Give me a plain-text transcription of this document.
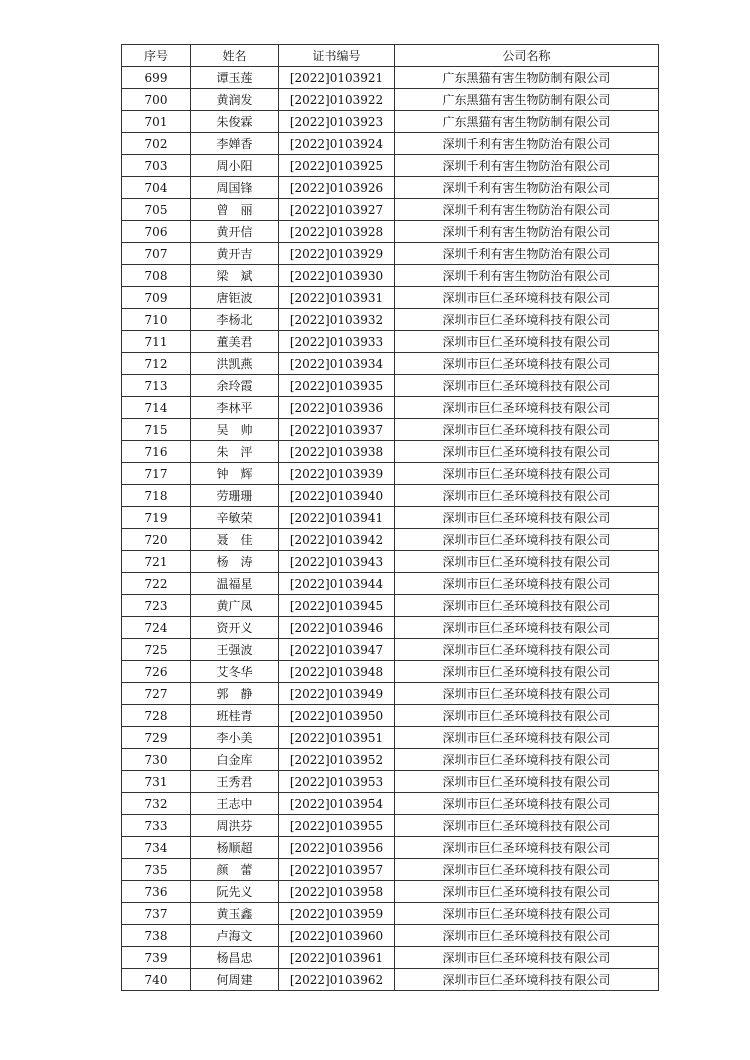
序号	姓名	证书编号	公司名称
699	谭玉莲	[2022]0103921	广东黑猫有害生物防制有限公司
700	黄润发	[2022]0103922	广东黑猫有害生物防制有限公司
701	朱俊霖	[2022]0103923	广东黑猫有害生物防制有限公司
702	李婵香	[2022]0103924	深圳千利有害生物防治有限公司
703	周小阳	[2022]0103925	深圳千利有害生物防治有限公司
704	周国锋	[2022]0103926	深圳千利有害生物防治有限公司
705	曾　丽	[2022]0103927	深圳千利有害生物防治有限公司
706	黄开信	[2022]0103928	深圳千利有害生物防治有限公司
707	黄开吉	[2022]0103929	深圳千利有害生物防治有限公司
708	梁　斌	[2022]0103930	深圳千利有害生物防治有限公司
709	唐钜波	[2022]0103931	深圳市巨仁圣环境科技有限公司
710	李杨北	[2022]0103932	深圳市巨仁圣环境科技有限公司
711	董美君	[2022]0103933	深圳市巨仁圣环境科技有限公司
712	洪凯燕	[2022]0103934	深圳市巨仁圣环境科技有限公司
713	余玲霞	[2022]0103935	深圳市巨仁圣环境科技有限公司
714	李林平	[2022]0103936	深圳市巨仁圣环境科技有限公司
715	吴　帅	[2022]0103937	深圳市巨仁圣环境科技有限公司
716	朱　泙	[2022]0103938	深圳市巨仁圣环境科技有限公司
717	钟　辉	[2022]0103939	深圳市巨仁圣环境科技有限公司
718	劳珊珊	[2022]0103940	深圳市巨仁圣环境科技有限公司
719	辛敏荣	[2022]0103941	深圳市巨仁圣环境科技有限公司
720	聂　佳	[2022]0103942	深圳市巨仁圣环境科技有限公司
721	杨　涛	[2022]0103943	深圳市巨仁圣环境科技有限公司
722	温福星	[2022]0103944	深圳市巨仁圣环境科技有限公司
723	黄广凤	[2022]0103945	深圳市巨仁圣环境科技有限公司
724	资开义	[2022]0103946	深圳市巨仁圣环境科技有限公司
725	王强波	[2022]0103947	深圳市巨仁圣环境科技有限公司
726	艾冬华	[2022]0103948	深圳市巨仁圣环境科技有限公司
727	郭　静	[2022]0103949	深圳市巨仁圣环境科技有限公司
728	班桂青	[2022]0103950	深圳市巨仁圣环境科技有限公司
729	李小美	[2022]0103951	深圳市巨仁圣环境科技有限公司
730	白金库	[2022]0103952	深圳市巨仁圣环境科技有限公司
731	王秀君	[2022]0103953	深圳市巨仁圣环境科技有限公司
732	王志中	[2022]0103954	深圳市巨仁圣环境科技有限公司
733	周洪芬	[2022]0103955	深圳市巨仁圣环境科技有限公司
734	杨顺超	[2022]0103956	深圳市巨仁圣环境科技有限公司
735	颜　蕾	[2022]0103957	深圳市巨仁圣环境科技有限公司
736	阮先义	[2022]0103958	深圳市巨仁圣环境科技有限公司
737	黄玉鑫	[2022]0103959	深圳市巨仁圣环境科技有限公司
738	卢海文	[2022]0103960	深圳市巨仁圣环境科技有限公司
739	杨昌忠	[2022]0103961	深圳市巨仁圣环境科技有限公司
740	何周建	[2022]0103962	深圳市巨仁圣环境科技有限公司
